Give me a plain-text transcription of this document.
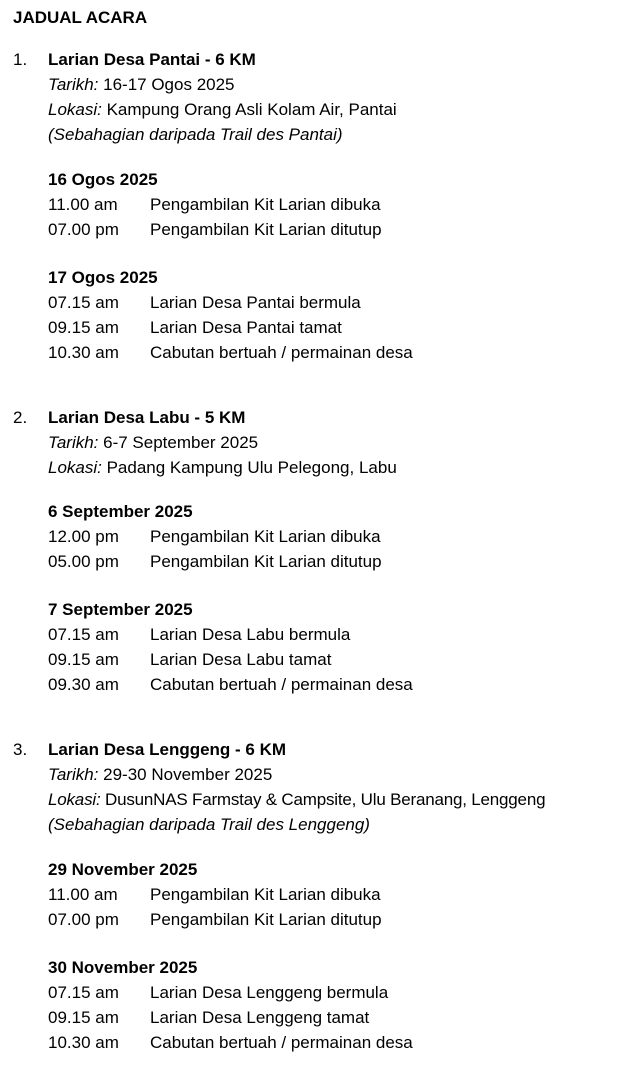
JADUAL ACARA
1. Larian Desa Pantai - 6 KM
Tarikh: 16-17 Ogos 2025
Lokasi: Kampung Orang Asli Kolam Air, Pantai
(Sebahagian daripada Trail des Pantai)
16 Ogos 2025
11.00 am Pengambilan Kit Larian dibuka
07.00 pm Pengambilan Kit Larian ditutup
17 Ogos 2025
07.15 am Larian Desa Pantai bermula
09.15 am Larian Desa Pantai tamat
10.30 am Cabutan bertuah / permainan desa
2. Larian Desa Labu - 5 KM
Tarikh: 6-7 September 2025
Lokasi: Padang Kampung Ulu Pelegong, Labu
6 September 2025
12.00 pm Pengambilan Kit Larian dibuka
05.00 pm Pengambilan Kit Larian ditutup
7 September 2025
07.15 am Larian Desa Labu bermula
09.15 am Larian Desa Labu tamat
09.30 am Cabutan bertuah / permainan desa
3. Larian Desa Lenggeng - 6 KM
Tarikh: 29-30 November 2025
Lokasi: DusunNAS Farmstay & Campsite, Ulu Beranang, Lenggeng
(Sebahagian daripada Trail des Lenggeng)
29 November 2025
11.00 am Pengambilan Kit Larian dibuka
07.00 pm Pengambilan Kit Larian ditutup
30 November 2025
07.15 am Larian Desa Lenggeng bermula
09.15 am Larian Desa Lenggeng tamat
10.30 am Cabutan bertuah / permainan desa
